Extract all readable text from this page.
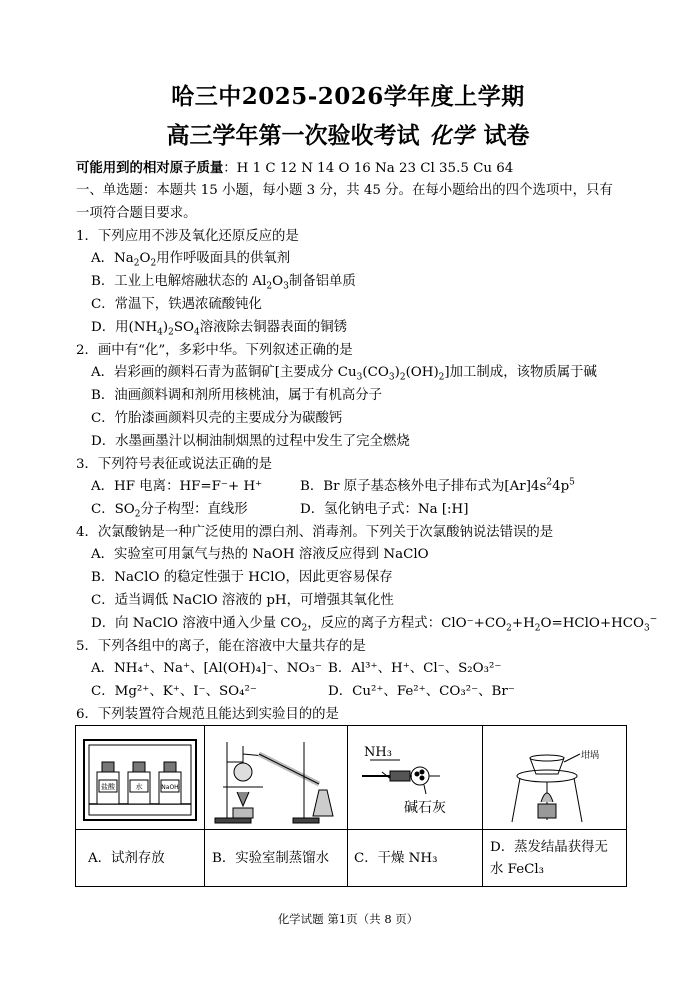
哈三中2025-2026学年度上学期
高三学年第一次验收考试 化学 试卷
可能用到的相对原子质量：H 1 C 12 N 14 O 16 Na 23 Cl 35.5 Cu 64
一、单选题：本题共 15 小题，每小题 3 分，共 45 分。在每小题给出的四个选项中，只有
一项符合题目要求。
1．下列应用不涉及氧化还原反应的是
A．$Na_2O_2$用作呼吸面具的供氧剂
B．工业上电解熔融状态的 $Al_2O_3$制备铝单质
C．常温下，铁遇浓硫酸钝化
D．用$(NH_4)_2SO_4$溶液除去铜器表面的铜锈
2．画中有“化”，多彩中华。下列叙述正确的是
A．岩彩画的颜料石青为蓝铜矿[主要成分 $Cu_3(CO_3)_2(OH)_2$]加工制成，该物质属于碱
B．油画颜料调和剂所用核桃油，属于有机高分子
C．竹胎漆画颜料贝壳的主要成分为碳酸钙
D．水墨画墨汁以桐油制烟黑的过程中发生了完全燃烧
3．下列符号表征或说法正确的是
A．HF 电离：HF=F⁻+ H⁺	B．Br 原子基态核外电子排布式为$[Ar]4s^24p^5$
C．$SO_2$分子构型：直线形	D．氢化钠电子式：Na [:H]
4．次氯酸钠是一种广泛使用的漂白剂、消毒剂。下列关于次氯酸钠说法错误的是
A．实验室可用氯气与热的 NaOH 溶液反应得到 NaClO
B．NaClO 的稳定性强于 HClO，因此更容易保存
C．适当调低 NaClO 溶液的 pH，可增强其氧化性
D．向 NaClO 溶液中通入少量 $CO_2$，反应的离子方程式：$ClO^-+CO_2+H_2O=HClO+HCO_3^-$
5．下列各组中的离子，能在溶液中大量共存的是
A．NH₄⁺、Na⁺、[Al(OH)₄]⁻、NO₃⁻ B．Al³⁺、H⁺、Cl⁻、S₂O₃²⁻
C．Mg²⁺、K⁺、I⁻、SO₄²⁻	D．Cu²⁺、Fe²⁺、CO₃²⁻、Br⁻
6．下列装置符合规范且能达到实验目的的是
盐酸	水	NaOH
NH₃
碱石灰
坩埚
A．试剂存放	B．实验室制蒸馏水 C．干燥 NH₃
D．蒸发结晶获得无
水 FeCl₃
化学试题 第1页（共 8 页）
